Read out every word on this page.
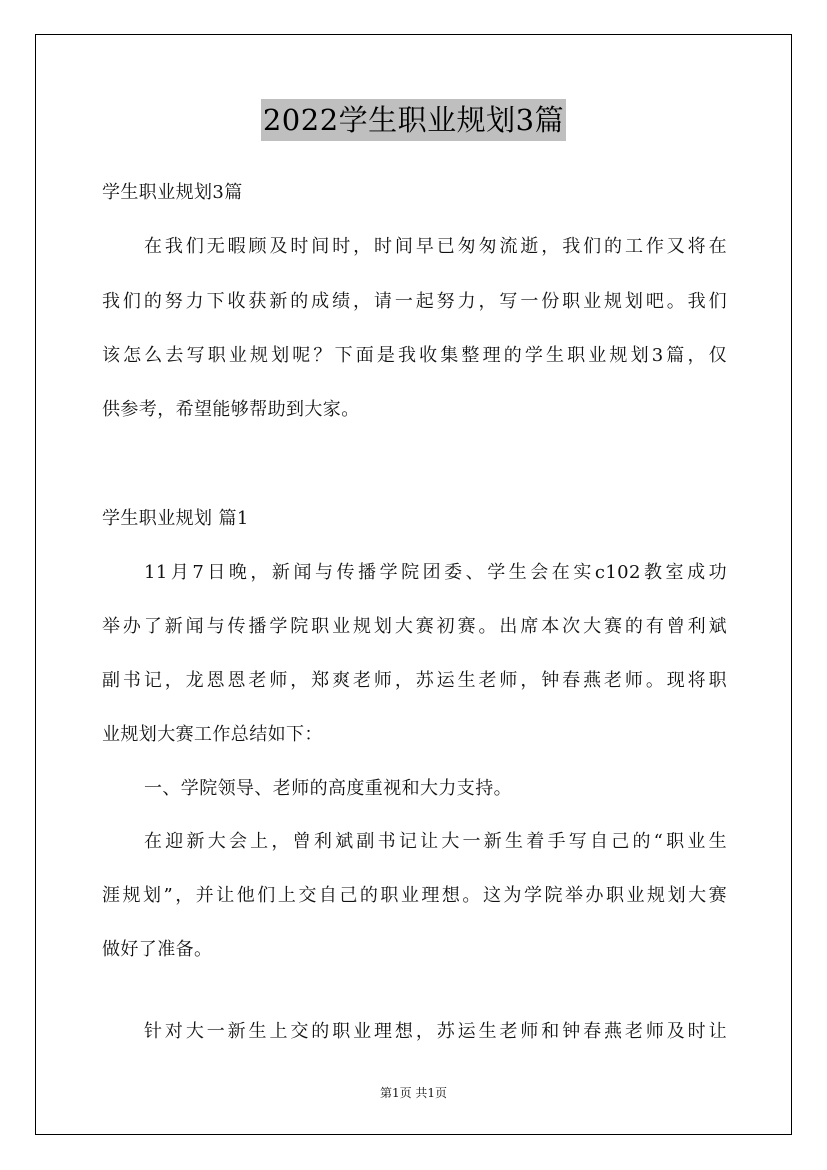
2022学生职业规划3篇
学生职业规划3篇
在我们无暇顾及时间时，时间早已匆匆流逝，我们的工作又将在
我们的努力下收获新的成绩，请一起努力，写一份职业规划吧。我们
该怎么去写职业规划呢？下面是我收集整理的学生职业规划3篇，仅
供参考，希望能够帮助到大家。
学生职业规划 篇1
11月7日晚，新闻与传播学院团委、学生会在实c102教室成功
举办了新闻与传播学院职业规划大赛初赛。出席本次大赛的有曾利斌
副书记，龙恩恩老师，郑爽老师，苏运生老师，钟春燕老师。现将职
业规划大赛工作总结如下：
一、学院领导、老师的高度重视和大力支持。
在迎新大会上，曾利斌副书记让大一新生着手写自己的“职业生
涯规划”，并让他们上交自己的职业理想。这为学院举办职业规划大赛
做好了准备。
针对大一新生上交的职业理想，苏运生老师和钟春燕老师及时让
第1页 共1页
